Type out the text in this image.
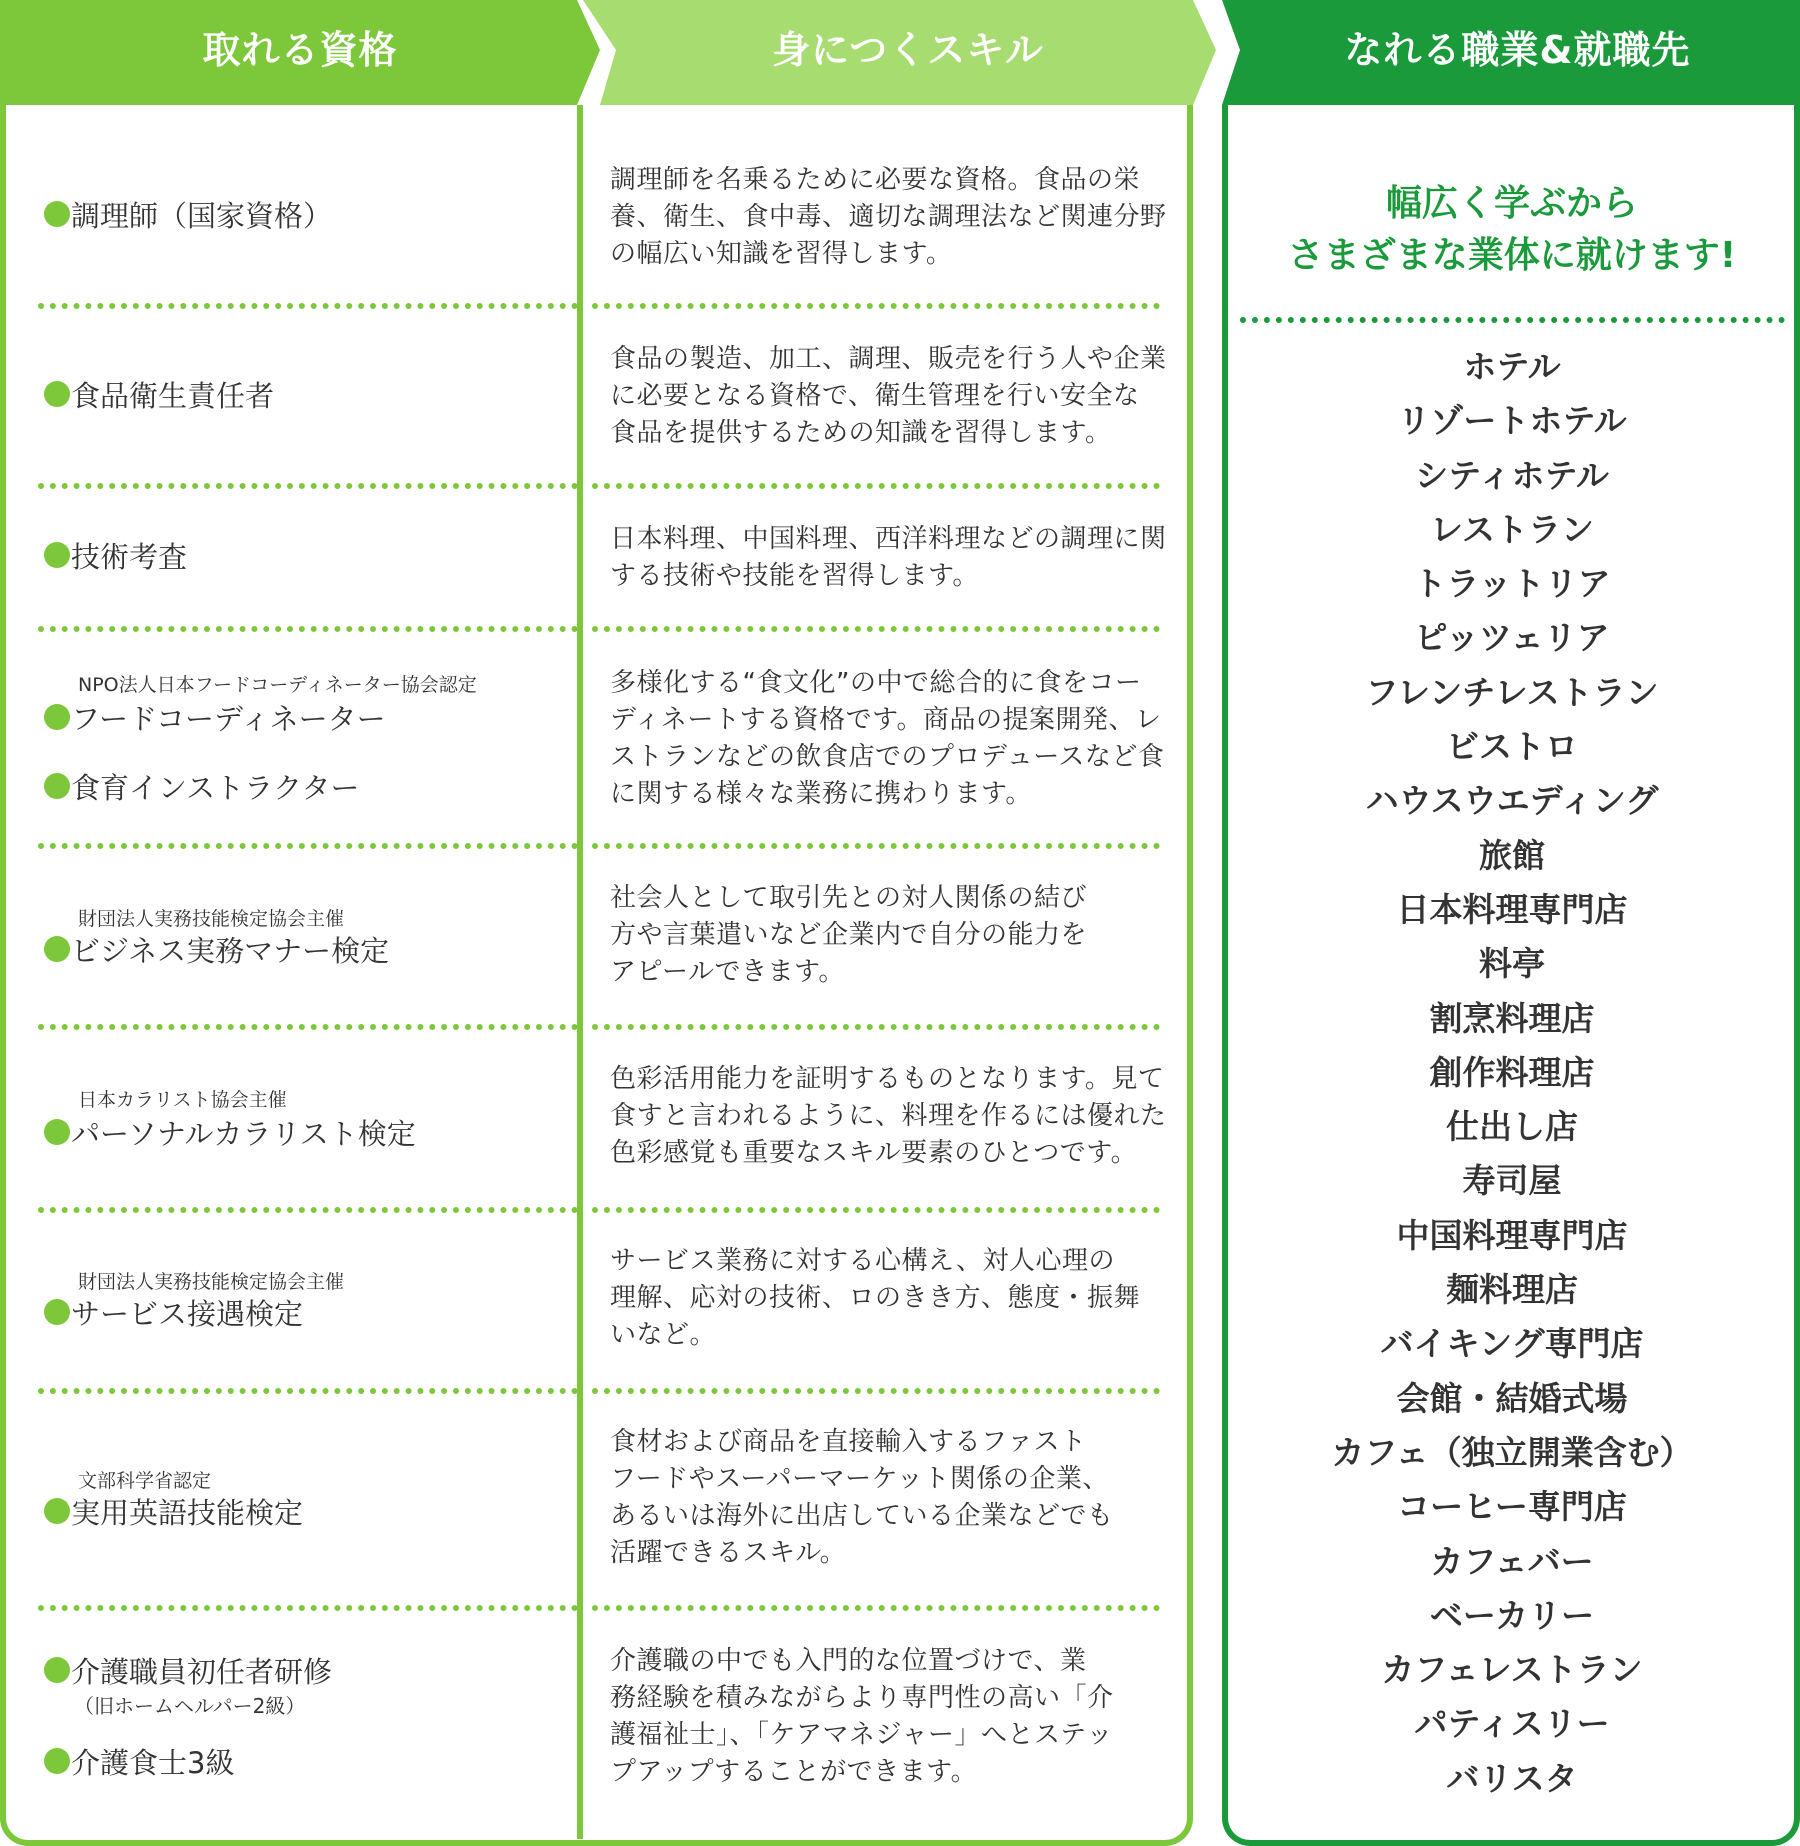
取れる資格	身につくスキル	なれる職業&就職先
調理師（国家資格）
調理師を名乗るために必要な資格。食品の栄
養、衛生、食中毒、適切な調理法など関連分野
の幅広い知識を習得します。
食品衛生責任者
食品の製造、加工、調理、販売を行う人や企業
に必要となる資格で、衛生管理を行い安全な
食品を提供するための知識を習得します。
技術考査
日本料理、中国料理、西洋料理などの調理に関
する技術や技能を習得します。
NPO法人日本フードコーディネーター協会認定
フードコーディネーター
食育インストラクター
多様化する“食文化”の中で総合的に食をコー
ディネートする資格です。商品の提案開発、レ
ストランなどの飲食店でのプロデュースなど食
に関する様々な業務に携わります。
財団法人実務技能検定協会主催
ビジネス実務マナー検定
社会人として取引先との対人関係の結び
方や言葉遣いなど企業内で自分の能力を
アピールできます。
日本カラリスト協会主催
パーソナルカラリスト検定
色彩活用能力を証明するものとなります。見て
食すと言われるように、料理を作るには優れた
色彩感覚も重要なスキル要素のひとつです。
財団法人実務技能検定協会主催
サービス接遇検定
サービス業務に対する心構え、対人心理の
理解、応対の技術、ロのきき方、態度・振舞
いなど。
文部科学省認定
実用英語技能検定
食材および商品を直接輸入するファスト
フードやスーパーマーケット関係の企業、
あるいは海外に出店している企業などでも
活躍できるスキル。
介護職員初任者研修
（旧ホームヘルパー2級）
介護食士3級
介護職の中でも入門的な位置づけで、業
務経験を積みながらより専門性の高い「介
護福祉士」、「ケアマネジャー」へとステッ
プアップすることができます。
幅広く学ぶから
さまざまな業体に就けます!
ホテル
リゾートホテル
シティホテル
レストラン
トラットリア
ピッツェリア
フレンチレストラン
ビストロ
ハウスウエディング
旅館
日本料理専門店
料亭
割烹料理店
創作料理店
仕出し店
寿司屋
中国料理専門店
麺料理店
バイキング専門店
会館・結婚式場
カフェ（独立開業含む）
コーヒー専門店
カフェバー
ベーカリー
カフェレストラン
パティスリー
バリスタ
